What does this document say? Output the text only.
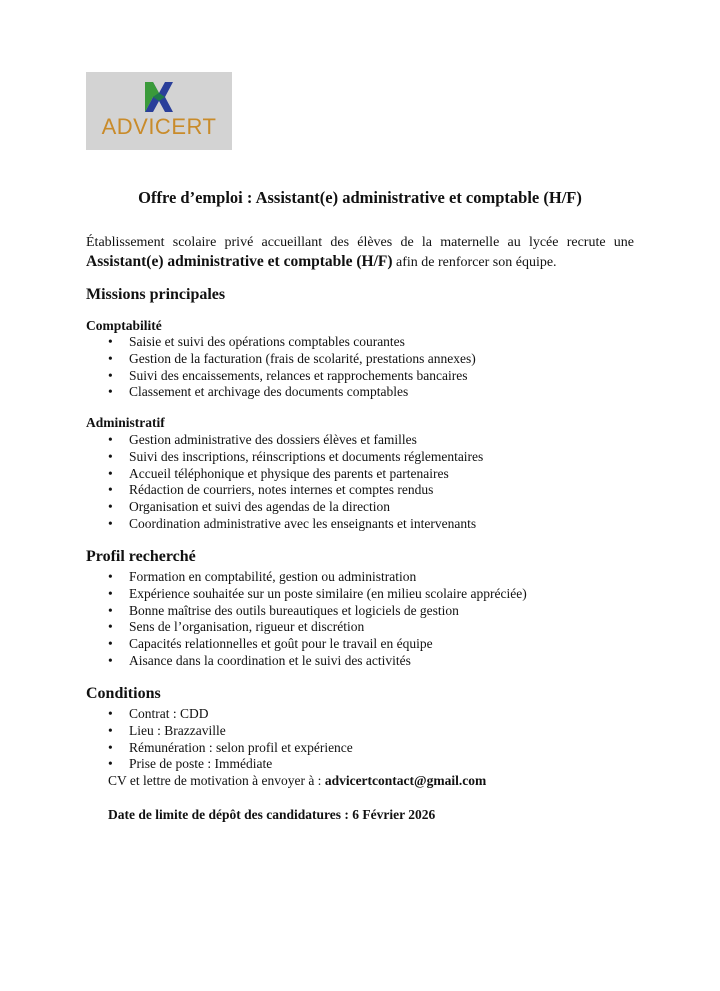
ADVICERT
Offre d’emploi : Assistant(e) administrative et comptable (H/F)
Établissement scolaire privé accueillant des élèves de la maternelle au lycée recrute une Assistant(e) administrative et comptable (H/F) afin de renforcer son équipe.
Missions principales
Comptabilité
• Saisie et suivi des opérations comptables courantes
• Gestion de la facturation (frais de scolarité, prestations annexes)
• Suivi des encaissements, relances et rapprochements bancaires
• Classement et archivage des documents comptables
Administratif
• Gestion administrative des dossiers élèves et familles
• Suivi des inscriptions, réinscriptions et documents réglementaires
• Accueil téléphonique et physique des parents et partenaires
• Rédaction de courriers, notes internes et comptes rendus
• Organisation et suivi des agendas de la direction
• Coordination administrative avec les enseignants et intervenants
Profil recherché
• Formation en comptabilité, gestion ou administration
• Expérience souhaitée sur un poste similaire (en milieu scolaire appréciée)
• Bonne maîtrise des outils bureautiques et logiciels de gestion
• Sens de l’organisation, rigueur et discrétion
• Capacités relationnelles et goût pour le travail en équipe
• Aisance dans la coordination et le suivi des activités
Conditions
• Contrat : CDD
• Lieu : Brazzaville
• Rémunération : selon profil et expérience
• Prise de poste : Immédiate
CV et lettre de motivation à envoyer à : advicertcontact@gmail.com
Date de limite de dépôt des candidatures : 6 Février 2026
